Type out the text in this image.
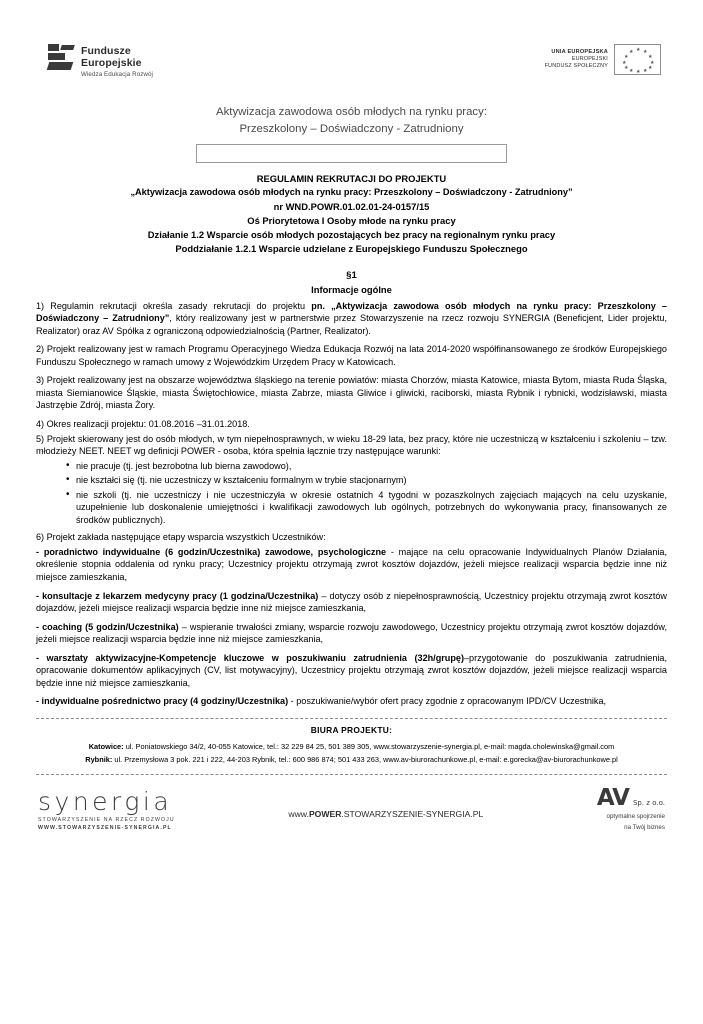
Fundusze
Europejskie
Wiedza Edukacja Rozwój
UNIA EUROPEJSKA
EUROPEJSKI
FUNDUSZ SPOŁECZNY
★
★ ★
★	★
★	★
★	★
★ ★
★
Aktywizacja zawodowa osób młodych na rynku pracy:
Przeszkolony – Doświadczony - Zatrudniony
REGULAMIN REKRUTACJI DO PROJEKTU
„Aktywizacja zawodowa osób młodych na rynku pracy: Przeszkolony – Doświadczony - Zatrudniony”
nr WND.POWR.01.02.01-24-0157/15
Oś Priorytetowa I Osoby młode na rynku pracy
Działanie 1.2 Wsparcie osób młodych pozostających bez pracy na regionalnym rynku pracy
Poddziałanie 1.2.1 Wsparcie udzielane z Europejskiego Funduszu Społecznego
§1
Informacje ogólne

1) Regulamin rekrutacji określa zasady rekrutacji do projektu pn. „Aktywizacja zawodowa osób młodych na rynku pracy: Przeszkolony – Doświadczony – Zatrudniony”, który realizowany jest w partnerstwie przez Stowarzyszenie na rzecz rozwoju SYNERGIA (Beneficjent, Lider projektu, Realizator) oraz AV Spółka z ograniczoną odpowiedzialnością (Partner, Realizator).

2) Projekt realizowany jest w ramach Programu Operacyjnego Wiedza Edukacja Rozwój na lata 2014-2020 współfinansowanego ze środków Europejskiego Funduszu Społecznego w ramach umowy z Wojewódzkim Urzędem Pracy w Katowicach.

3) Projekt realizowany jest na obszarze województwa śląskiego na terenie powiatów: miasta Chorzów, miasta Katowice, miasta Bytom, miasta Ruda Śląska, miasta Siemianowice Śląskie, miasta Świętochłowice, miasta Zabrze, miasta Gliwice i gliwicki, raciborski, miasta Rybnik i rybnicki, wodzisławski, miasta Jastrzębie Zdrój, miasta Żory.

4) Okres realizacji projektu: 01.08.2016 –31.01.2018.

5) Projekt skierowany jest do osób młodych, w tym niepełnosprawnych, w wieku 18-29 lata, bez pracy, które nie uczestniczą w kształceniu i szkoleniu – tzw. młodzieży NEET. NEET wg definicji POWER - osoba, która spełnia łącznie trzy następujące warunki:

• nie pracuje (tj. jest bezrobotna lub bierna zawodowo),
• nie kształci się (tj. nie uczestniczy w kształceniu formalnym w trybie stacjonarnym)
• nie szkoli (tj. nie uczestniczy i nie uczestniczyła w okresie ostatnich 4 tygodni w pozaszkolnych zajęciach mających na celu uzyskanie, uzupełnienie lub doskonalenie umiejętności i kwalifikacji zawodowych lub ogólnych, potrzebnych do wykonywania pracy, finansowanych ze środków publicznych).

6) Projekt zakłada następujące etapy wsparcia wszystkich Uczestników:

- poradnictwo indywidualne (6 godzin/Uczestnika) zawodowe, psychologiczne - mające na celu opracowanie Indywidualnych Planów Działania, określenie stopnia oddalenia od rynku pracy; Uczestnicy projektu otrzymają zwrot kosztów dojazdów, jeżeli miejsce realizacji wsparcia będzie inne niż miejsce zamieszkania,

- konsultacje z lekarzem medycyny pracy (1 godzina/Uczestnika) – dotyczy osób z niepełnosprawnością, Uczestnicy projektu otrzymają zwrot kosztów dojazdów, jeżeli miejsce realizacji wsparcia będzie inne niż miejsce zamieszkania,

- coaching (5 godzin/Uczestnika) – wspieranie trwałości zmiany, wsparcie rozwoju zawodowego, Uczestnicy projektu otrzymają zwrot kosztów dojazdów, jeżeli miejsce realizacji wsparcia będzie inne niż miejsce zamieszkania,

- warsztaty aktywizacyjne-Kompetencje kluczowe w poszukiwaniu zatrudnienia (32h/grupę)–przygotowanie do poszukiwania zatrudnienia, opracowanie dokumentów aplikacyjnych (CV, list motywacyjny), Uczestnicy projektu otrzymają zwrot kosztów dojazdów, jeżeli miejsce realizacji wsparcia będzie inne niż miejsce zamieszkania,

- indywidualne pośrednictwo pracy (4 godziny/Uczestnika) - poszukiwanie/wybór ofert pracy zgodnie z opracowanym IPD/CV Uczestnika,

BIURA PROJEKTU:
Katowice: ul. Poniatowskiego 34/2, 40-055 Katowice, tel.: 32 229 84 25, 501 389 305, www.stowarzyszenie-synergia.pl, e-mail: magda.cholewinska@gmail.com
Rybnik: ul. Przemysłowa 3 pok. 221 i 222, 44-203 Rybnik, tel.: 600 986 874; 501 433 263, www.av-biurorachunkowe.pl, e-mail: e.gorecka@av-biurorachunkowe.pl
synergia
STOWARZYSZENIE NA RZECZ ROZWOJU
WWW.STOWARZYSZENIE-SYNERGIA.PL
www.POWER.STOWARZYSZENIE-SYNERGIA.PL
AV Sp. z o.o.
optymalne spojrzenie
na Twój biznes
